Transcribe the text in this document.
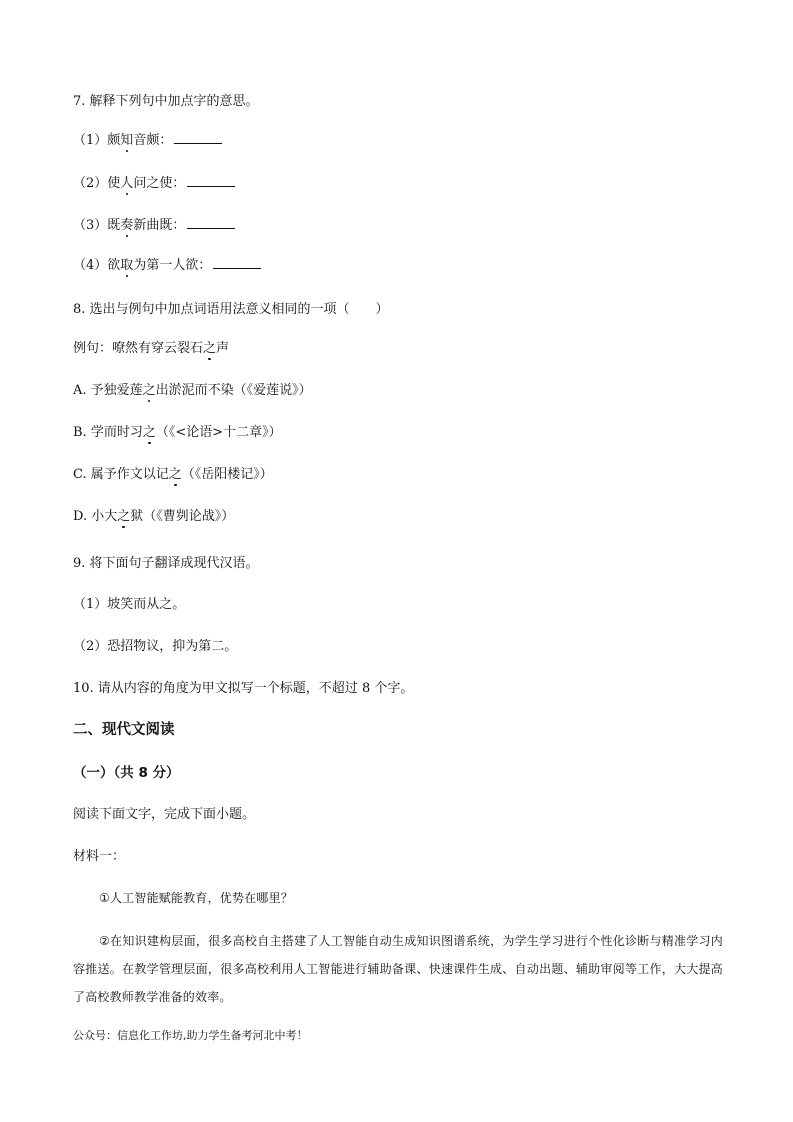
7. 解释下列句中加点字的意思。
（1）颇知音颇：
（2）使人问之使：
（3）既奏新曲既：
（4）欲取为第一人欲：
8. 选出与例句中加点词语用法意义相同的一项（　　）
例句：嘹然有穿云裂石之声
A. 予独爱莲之出淤泥而不染（《爱莲说》）
B. 学而时习之（《<论语>十二章》）
C. 属予作文以记之（《岳阳楼记》）
D. 小大之狱（《曹刿论战》）
9. 将下面句子翻译成现代汉语。
（1）坡笑而从之。
（2）恐招物议，抑为第二。
10. 请从内容的角度为甲文拟写一个标题，不超过 8 个字。
二、现代文阅读
（一）（共 8 分）
阅读下面文字，完成下面小题。
材料一：
①人工智能赋能教育，优势在哪里？
②在知识建构层面，很多高校自主搭建了人工智能自动生成知识图谱系统，为学生学习进行个性化诊断与精准学习内容推送。在教学管理层面，很多高校利用人工智能进行辅助备课、快速课件生成、自动出题、辅助审阅等工作，大大提高了高校教师教学准备的效率。
公众号：信息化工作坊,助力学生备考河北中考！
